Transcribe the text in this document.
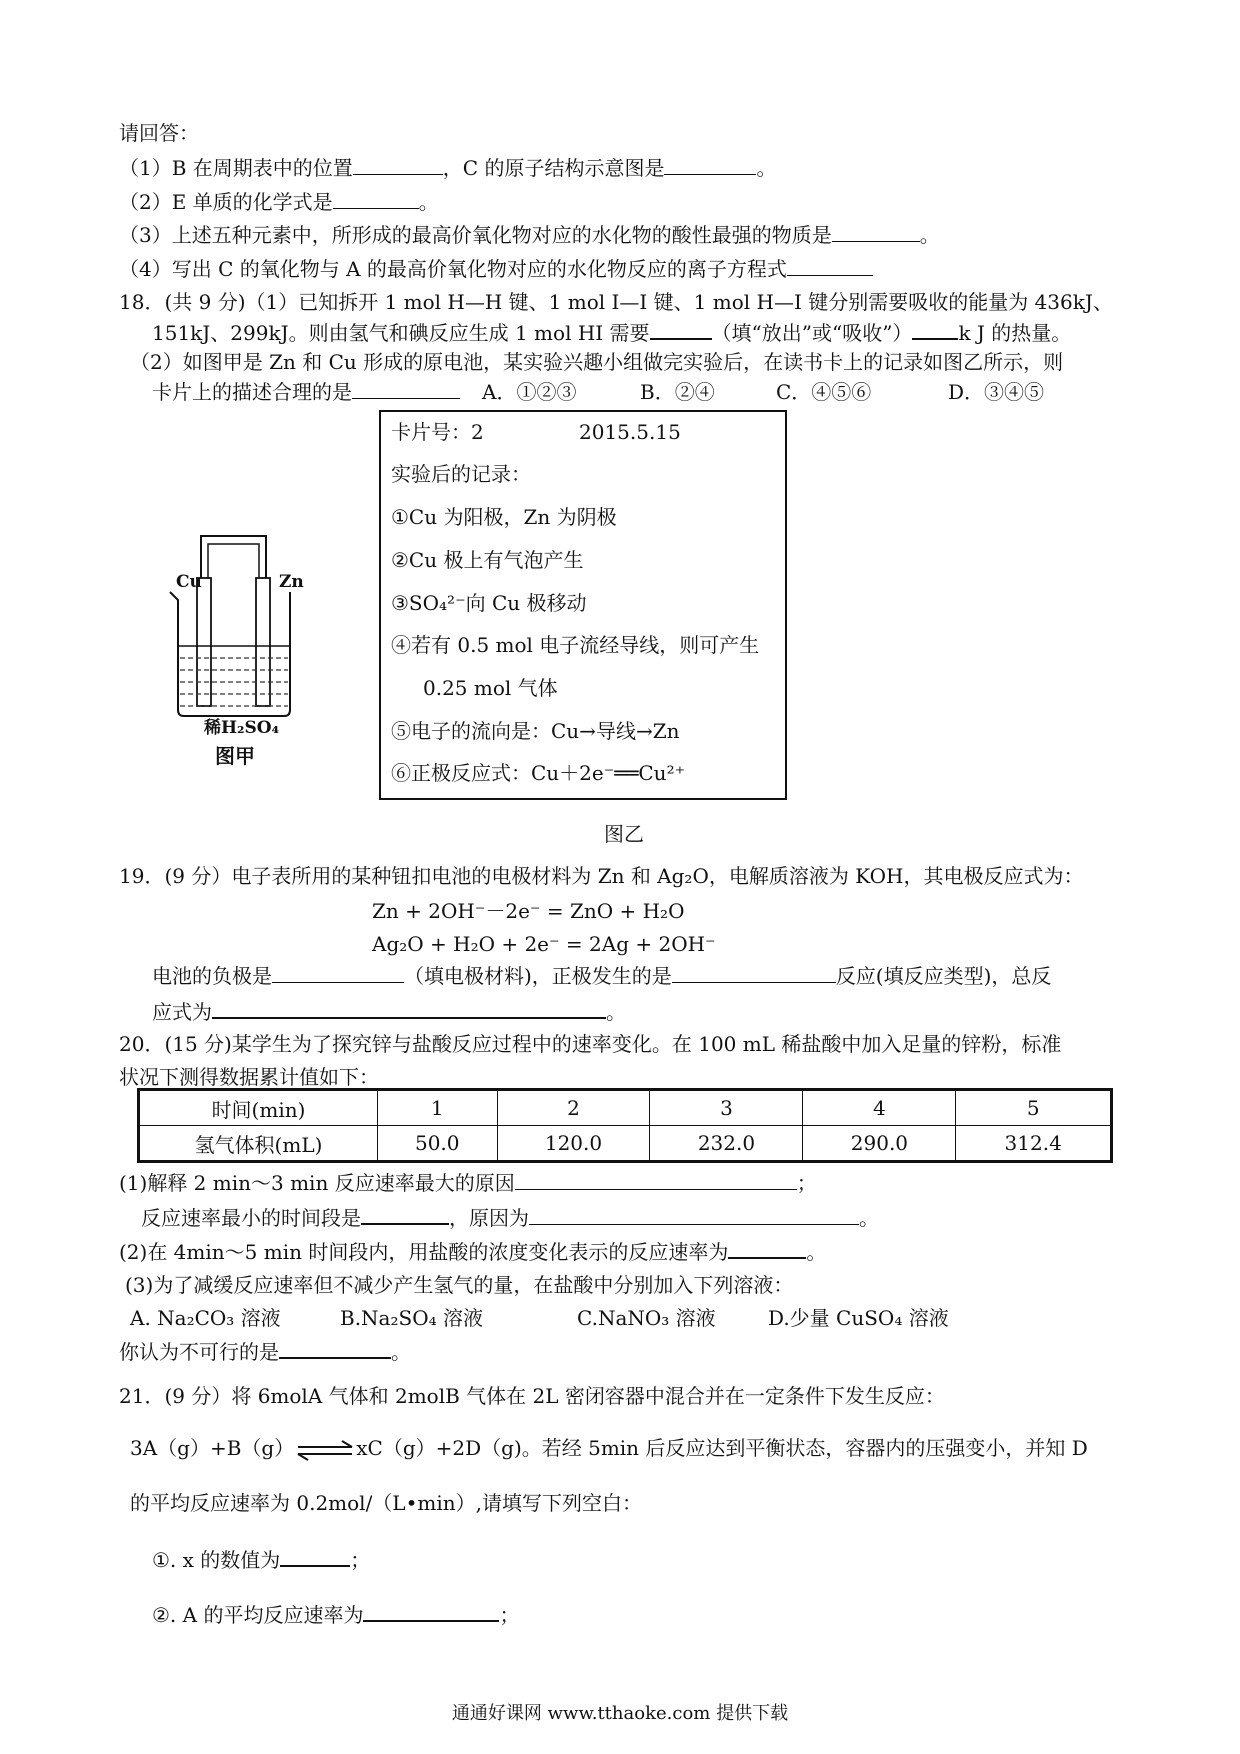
请回答：
（1）B 在周期表中的位置	，C 的原子结构示意图是	。
（2）E 单质的化学式是	。
（3）上述五种元素中，所形成的最高价氧化物对应的水化物的酸性最强的物质是	。
（4）写出 C 的氧化物与 A 的最高价氧化物对应的水化物反应的离子方程式
18．(共 9 分)（1）已知拆开 1 mol H—H 键、1 mol I—I 键、1 mol H—I 键分别需要吸收的能量为 436kJ、
151kJ、299kJ。则由氢气和碘反应生成 1 mol HI 需要	（填“放出”或“吸收”） k J 的热量。
（2）如图甲是 Zn 和 Cu 形成的原电池，某实验兴趣小组做完实验后，在读书卡上的记录如图乙所示，则
卡片上的描述合理的是	A．①②③	B．②④	C．④⑤⑥	D．③④⑤
Cu	Zn
稀H₂SO₄
图甲
卡片号：2	2015.5.15
实验后的记录：
①Cu 为阳极，Zn 为阴极
②Cu 极上有气泡产生
③SO₄²⁻向 Cu 极移动
④若有 0.5 mol 电子流经导线，则可产生
0.25 mol 气体
⑤电子的流向是：Cu→导线→Zn
⑥正极反应式：Cu＋2e⁻══Cu²⁺
图乙
19．(9 分）电子表所用的某种钮扣电池的电极材料为 Zn 和 Ag₂O，电解质溶液为 KOH，其电极反应式为：
Zn + 2OH⁻－2e⁻ = ZnO + H₂O
Ag₂O + H₂O + 2e⁻ = 2Ag + 2OH⁻
电池的负极是	（填电极材料)，正极发生的是	反应(填反应类型)，总反
应式为	。
20．(15 分)某学生为了探究锌与盐酸反应过程中的速率变化。在 100 mL 稀盐酸中加入足量的锌粉，标准
状况下测得数据累计值如下：
时间(min)	1	2	3	4	5
氢气体积(mL)	50.0	120.0	232.0	290.0	312.4
(1)解释 2 min～3 min 反应速率最大的原因	；
反应速率最小的时间段是	，原因为	。
(2)在 4min～5 min 时间段内，用盐酸的浓度变化表示的反应速率为	。
(3)为了减缓反应速率但不减少产生氢气的量，在盐酸中分别加入下列溶液：
A. Na₂CO₃ 溶液	B.Na₂SO₄ 溶液	C.NaNO₃ 溶液	D.少量 CuSO₄ 溶液
你认为不可行的是	。
21．(9 分）将 6molA 气体和 2molB 气体在 2L 密闭容器中混合并在一定条件下发生反应：
3A（g）+B（g）⇌xC（g）+2D（g)。若经 5min 后反应达到平衡状态，容器内的压强变小，并知 D
的平均反应速率为 0.2mol/（L•min）,请填写下列空白：
①. x 的数值为	；
②. A 的平均反应速率为	；
通通好课网 www.tthaoke.com 提供下载
